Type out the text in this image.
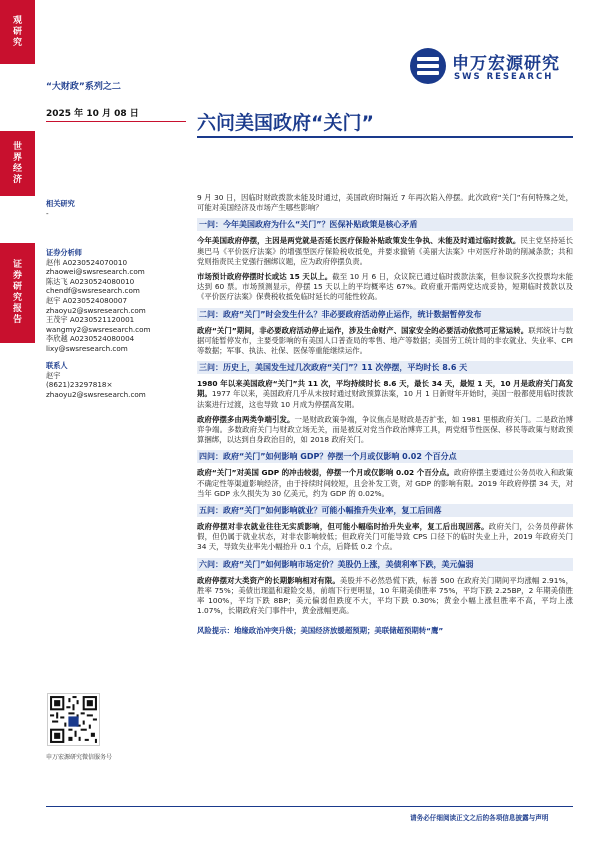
观研究
世界经济
证券研究报告
“大财政”系列之二
2025 年 10 月 08 日
申万宏源研究
SWS RESEARCH
六问美国政府“关门”
相关研究
-
证券分析师
赵伟 A0230524070010
zhaowei@swsresearch.com
陈达飞 A0230524080010
chendf@swsresearch.com
赵宇 A0230524080007
zhaoyu2@swsresearch.com
王茂宇 A0230521120001
wangmy2@swsresearch.com
李欣越 A0230524080004
lixy@swsresearch.com
联系人
赵宇
(8621)23297818×
zhaoyu2@swsresearch.com
申万宏源研究微信服务号

9 月 30 日，因临时财政拨款未能及时通过，美国政府时隔近 7 年再次陷入停摆。此次政府“关门”有何特殊之处，可能对美国经济及市场产生哪些影响？

一问：今年美国政府为什么“关门”？医保补贴政策是核心矛盾

今年美国政府停摆，主因是两党就是否延长医疗保险补贴政策发生争执、未能及时通过临时拨款。民主党坚持延长奥巴马《平价医疗法案》的增强型医疗保险税收抵免，并要求撤销《美丽大法案》中对医疗补助的削减条款；共和党则指责民主党强行捆绑议题，应为政府停摆负责。

市场预计政府停摆时长或达 15 天以上。截至 10 月 6 日，众议院已通过临时拨款法案，但参议院多次投票均未能达到 60 票。市场预测显示，停摆 15 天以上的平均概率达 67%。政府重开需两党达成妥协，短期临时拨款以及《平价医疗法案》保费税收抵免临时延长的可能性较高。

二问：政府“关门”时会发生什么？非必要政府活动停止运作，统计数据暂停发布

政府“关门”期间，非必要政府活动停止运作，涉及生命财产、国家安全的必要活动依然可正常运转。联邦统计与数据可能暂停发布，主要受影响的有美国人口普查局的零售、地产等数据；美国劳工统计局的非农就业、失业率、CPI 等数据；军事、执法、社保、医保等重能继续运作。

三问：历史上，美国发生过几次政府“关门”？11 次停摆，平均时长 8.6 天

1980 年以来美国政府“关门”共 11 次，平均持续时长 8.6 天，最长 34 天，最短 1 天，10 月是政府关门高发期。1977 年以来，美国政府几乎从未按时通过财政预算法案，10 月 1 日新财年开始时，美国一般都使用临时拨款法案进行过渡，这也导致 10 月成为停摆高发期。

政府停摆多由两类争端引发。一是财政政策争端，争议焦点是财政是否扩张，如 1981 里根政府关门。二是政治博弈争端。多数政府关门与财政立场无关，而是被反对党当作政治博弈工具，两党细节性医保、移民等政策与财政预算捆绑，以达到自身政治目的，如 2018 政府关门。

四问：政府“关门”如何影响 GDP？停摆一个月或仅影响 0.02 个百分点

政府“关门”对美国 GDP 的冲击较弱，停摆一个月或仅影响 0.02 个百分点。政府停摆主要通过公务员收入和政策不确定性等渠道影响经济，由于持续时间较短，且会补发工资，对 GDP 的影响有限。2019 年政府停摆 34 天，对当年 GDP 永久损失为 30 亿美元，约为 GDP 的 0.02%。

五问：政府“关门”如何影响就业？可能小幅推升失业率，复工后回落

政府停摆对非农就业往往无实质影响，但可能小幅临时抬升失业率，复工后出现回落。政府关门，公务员停薪休假，但仍属于就业状态，对非农影响较低；但政府关门可能导致 CPS 口径下的临时失业上升，2019 年政府关门 34 天，导致失业率先小幅抬升 0.1 个点，后降低 0.2 个点。

六问：政府“关门”如何影响市场定价？美股仍上涨，美债利率下跌，美元偏弱

政府停摆对大类资产的长期影响相对有限。美股并不必然恐慌下跌，标普 500 在政府关门期间平均涨幅 2.91%，胜率 75%；美债出现温和避险交易，前端下行更明显，10 年期美债胜率 75%，平均下跌 2.25BP，2 年期美债胜率 100%，平均下跌 8BP；美元偏弱但跌度不大，平均下跌 0.30%；黄金小幅上涨但胜率不高，平均上涨 1.07%，长期政府关门事件中，黄金涨幅更高。

风险提示：地缘政治冲突升级；美国经济放缓超预期；美联储超预期转“鹰”

请务必仔细阅读正文之后的各项信息披露与声明
